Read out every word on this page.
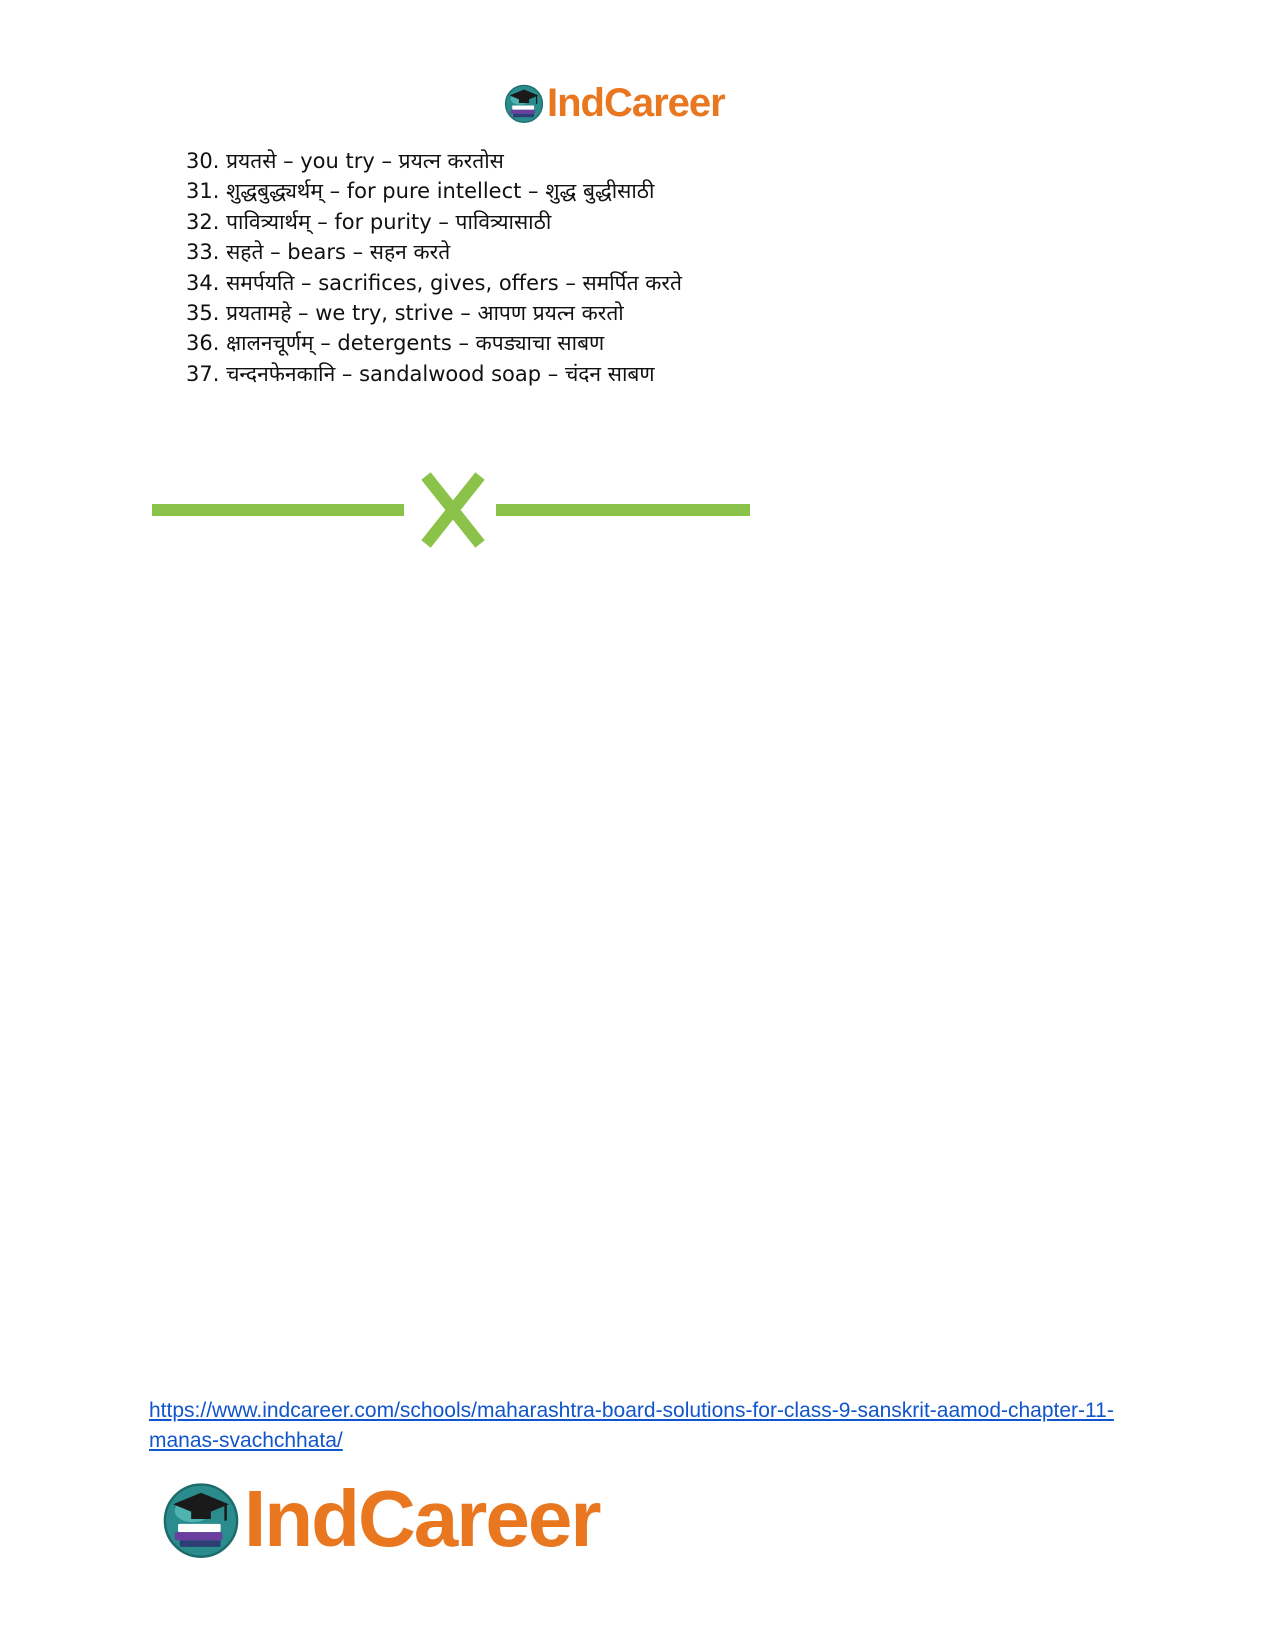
IndCareer
30. प्रयतसे – you try – प्रयत्न करतोस
31. शुद्धबुद्ध्यर्थम् – for pure intellect – शुद्ध बुद्धीसाठी
32. पावित्र्यार्थम् – for purity – पावित्र्यासाठी
33. सहते – bears – सहन करते
34. समर्पयति – sacrifices, gives, offers – समर्पित करते
35. प्रयतामहे – we try, strive – आपण प्रयत्न करतो
36. क्षालनचूर्णम् – detergents – कपड्याचा साबण
37. चन्दनफेनकानि – sandalwood soap – चंदन साबण
https://www.indcareer.com/schools/maharashtra-board-solutions-for-class-9-sanskrit-aamod-chapter-11-manas-svachchhata/
IndCareer
